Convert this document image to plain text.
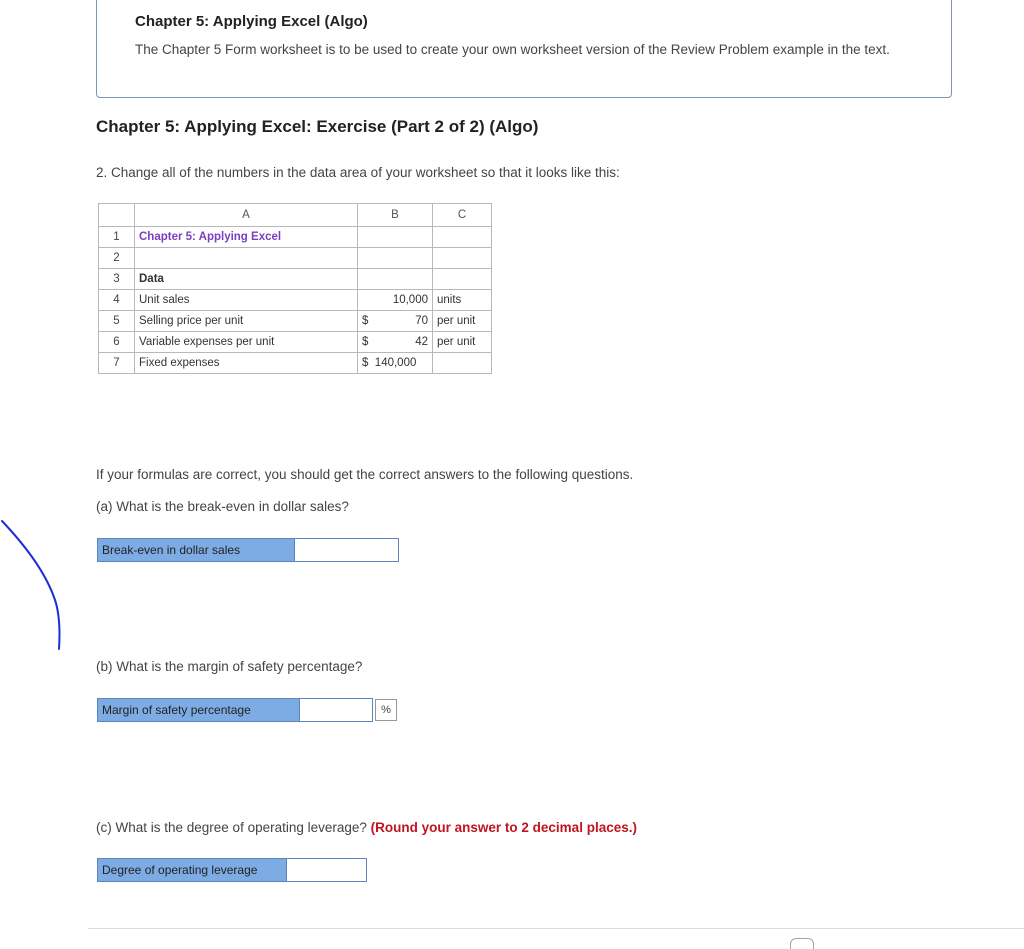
Chapter 5: Applying Excel (Algo)
The Chapter 5 Form worksheet is to be used to create your own worksheet version of the Review Problem example in the text.
Chapter 5: Applying Excel: Exercise (Part 2 of 2) (Algo)
2. Change all of the numbers in the data area of your worksheet so that it looks like this:
	A	B	C
1	Chapter 5: Applying Excel		
2			
3	Data		
4	Unit sales	10,000	units
5	Selling price per unit	$ 70	per unit
6	Variable expenses per unit	$ 42	per unit
7	Fixed expenses	$ 140,000	
If your formulas are correct, you should get the correct answers to the following questions.
(a) What is the break-even in dollar sales?
Break-even in dollar sales
(b) What is the margin of safety percentage?
Margin of safety percentage	%
(c) What is the degree of operating leverage? (Round your answer to 2 decimal places.)
Degree of operating leverage
